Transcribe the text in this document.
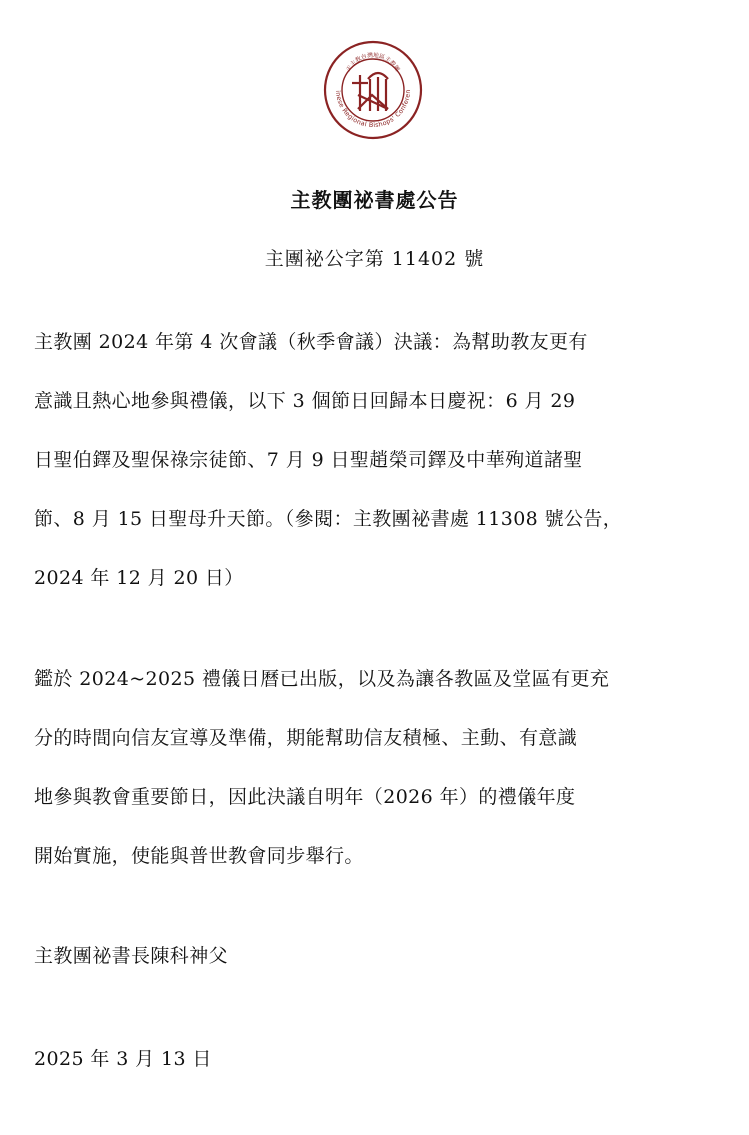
inese Regional Bishops' Conferen
天主教台灣地區主教團
主教團祕書處公告
主團祕公字第 11402 號
主教團 2024 年第 4 次會議（秋季會議）決議：為幫助教友更有
意識且熱心地參與禮儀，以下 3 個節日回歸本日慶祝：6 月 29
日聖伯鐸及聖保祿宗徒節、7 月 9 日聖趙榮司鐸及中華殉道諸聖
節、8 月 15 日聖母升天節。（參閱：主教團祕書處 11308 號公告，
2024 年 12 月 20 日）
鑑於 2024~2025 禮儀日曆已出版，以及為讓各教區及堂區有更充
分的時間向信友宣導及準備，期能幫助信友積極、主動、有意識
地參與教會重要節日，因此決議自明年（2026 年）的禮儀年度
開始實施，使能與普世教會同步舉行。
主教團祕書長陳科神父
2025 年 3 月 13 日
